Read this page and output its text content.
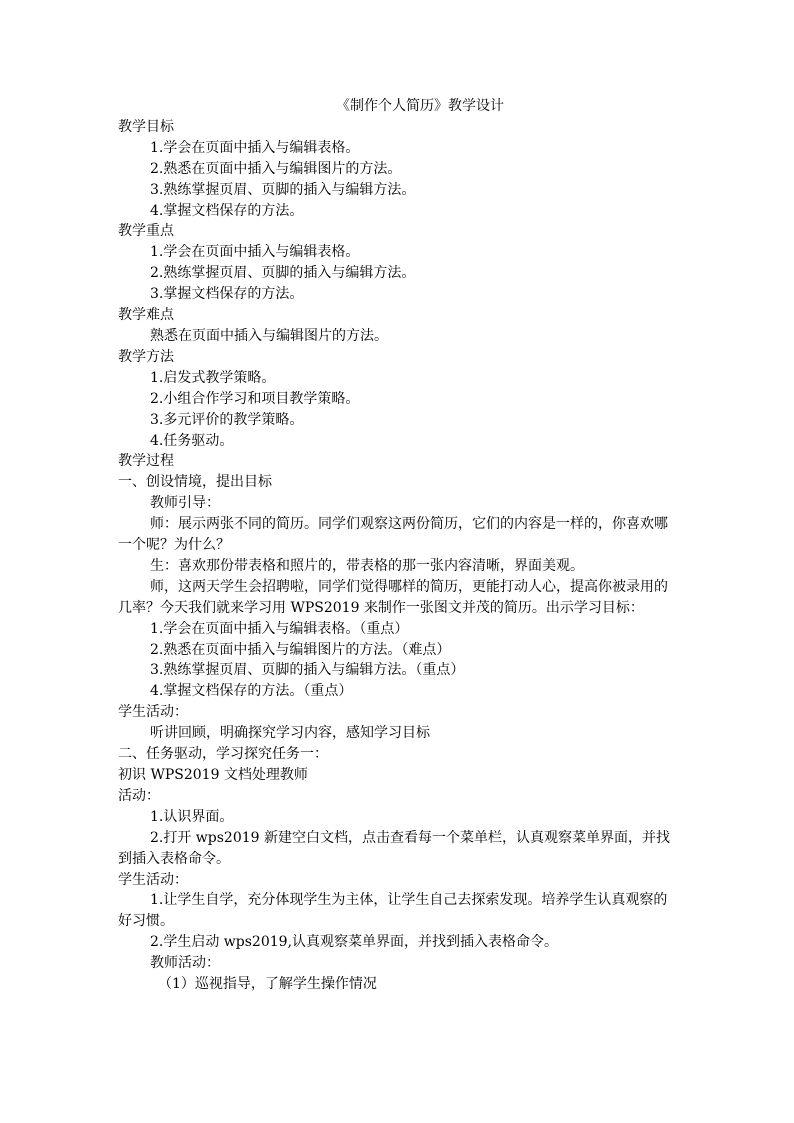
《制作个人简历》教学设计
教学目标
1.学会在页面中插入与编辑表格。
2.熟悉在页面中插入与编辑图片的方法。
3.熟练掌握页眉、页脚的插入与编辑方法。
4.掌握文档保存的方法。
教学重点
1.学会在页面中插入与编辑表格。
2.熟练掌握页眉、页脚的插入与编辑方法。
3.掌握文档保存的方法。
教学难点
熟悉在页面中插入与编辑图片的方法。
教学方法
1.启发式教学策略。
2.小组合作学习和项目教学策略。
3.多元评价的教学策略。
4.任务驱动。
教学过程
一、创设情境，提出目标
教师引导：
师：展示两张不同的简历。同学们观察这两份简历，它们的内容是一样的，你喜欢哪一个呢？为什么？
生：喜欢那份带表格和照片的，带表格的那一张内容清晰，界面美观。
师，这两天学生会招聘啦，同学们觉得哪样的简历，更能打动人心，提高你被录用的几率？今天我们就来学习用 WPS2019 来制作一张图文并茂的简历。出示学习目标：
1.学会在页面中插入与编辑表格。（重点）
2.熟悉在页面中插入与编辑图片的方法。（难点）
3.熟练掌握页眉、页脚的插入与编辑方法。（重点）
4.掌握文档保存的方法。（重点）
学生活动：
听讲回顾，明确探究学习内容，感知学习目标
二、任务驱动，学习探究任务一：
初识 WPS2019 文档处理教师
活动：
1.认识界面。
2.打开 wps2019 新建空白文档，点击查看每一个菜单栏，认真观察菜单界面，并找到插入表格命令。
学生活动：
1.让学生自学，充分体现学生为主体，让学生自己去探索发现。培养学生认真观察的好习惯。
2.学生启动 wps2019,认真观察菜单界面，并找到插入表格命令。
教师活动：
（1）巡视指导，了解学生操作情况
